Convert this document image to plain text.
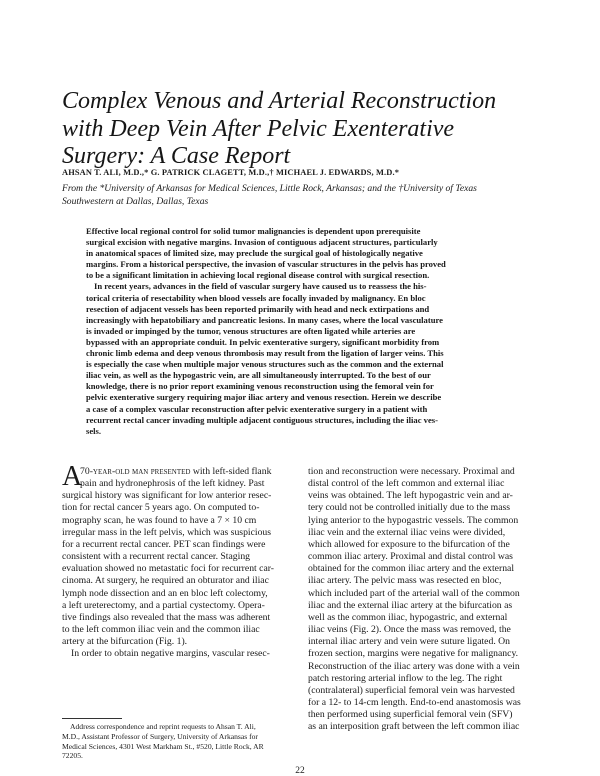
Complex Venous and Arterial Reconstruction
with Deep Vein After Pelvic Exenterative
Surgery: A Case Report

AHSAN T. ALI, M.D.,* G. PATRICK CLAGETT, M.D.,† MICHAEL J. EDWARDS, M.D.*

From the *University of Arkansas for Medical Sciences, Little Rock, Arkansas; and the †University of Texas
Southwestern at Dallas, Dallas, Texas

Effective local regional control for solid tumor malignancies is dependent upon prerequisite
surgical excision with negative margins. Invasion of contiguous adjacent structures, particularly
in anatomical spaces of limited size, may preclude the surgical goal of histologically negative
margins. From a historical perspective, the invasion of vascular structures in the pelvis has proved
to be a significant limitation in achieving local regional disease control with surgical resection.
In recent years, advances in the field of vascular surgery have caused us to reassess the his-
torical criteria of resectability when blood vessels are focally invaded by malignancy. En bloc
resection of adjacent vessels has been reported primarily with head and neck extirpations and
increasingly with hepatobiliary and pancreatic lesions. In many cases, where the local vasculature
is invaded or impinged by the tumor, venous structures are often ligated while arteries are
bypassed with an appropriate conduit. In pelvic exenterative surgery, significant morbidity from
chronic limb edema and deep venous thrombosis may result from the ligation of larger veins. This
is especially the case when multiple major venous structures such as the common and the external
iliac vein, as well as the hypogastric vein, are all simultaneously interrupted. To the best of our
knowledge, there is no prior report examining venous reconstruction using the femoral vein for
pelvic exenterative surgery requiring major iliac artery and venous resection. Herein we describe
a case of a complex vascular reconstruction after pelvic exenterative surgery in a patient with
recurrent rectal cancer invading multiple adjacent contiguous structures, including the iliac ves-
sels.
A
70-year-old man presented with left-sided flank
pain and hydronephrosis of the left kidney. Past
surgical history was significant for low anterior resec-
tion for rectal cancer 5 years ago. On computed to-
mography scan, he was found to have a 7 × 10 cm
irregular mass in the left pelvis, which was suspicious
for a recurrent rectal cancer. PET scan findings were
consistent with a recurrent rectal cancer. Staging
evaluation showed no metastatic foci for recurrent car-
cinoma. At surgery, he required an obturator and iliac
lymph node dissection and an en bloc left colectomy,
a left ureterectomy, and a partial cystectomy. Opera-
tive findings also revealed that the mass was adherent
to the left common iliac vein and the common iliac
artery at the bifurcation (Fig. 1).
In order to obtain negative margins, vascular resec-
tion and reconstruction were necessary. Proximal and
distal control of the left common and external iliac
veins was obtained. The left hypogastric vein and ar-
tery could not be controlled initially due to the mass
lying anterior to the hypogastric vessels. The common
iliac vein and the external iliac veins were divided,
which allowed for exposure to the bifurcation of the
common iliac artery. Proximal and distal control was
obtained for the common iliac artery and the external
iliac artery. The pelvic mass was resected en bloc,
which included part of the arterial wall of the common
iliac and the external iliac artery at the bifurcation as
well as the common iliac, hypogastric, and external
iliac veins (Fig. 2). Once the mass was removed, the
internal iliac artery and vein were suture ligated. On
frozen section, margins were negative for malignancy.
Reconstruction of the iliac artery was done with a vein
patch restoring arterial inflow to the leg. The right
(contralateral) superficial femoral vein was harvested
for a 12- to 14-cm length. End-to-end anastomosis was
then performed using superficial femoral vein (SFV)
as an interposition graft between the left common iliac
Address correspondence and reprint requests to Ahsan T. Ali,
M.D., Assistant Professor of Surgery, University of Arkansas for
Medical Sciences, 4301 West Markham St., #520, Little Rock, AR
72205.
22
